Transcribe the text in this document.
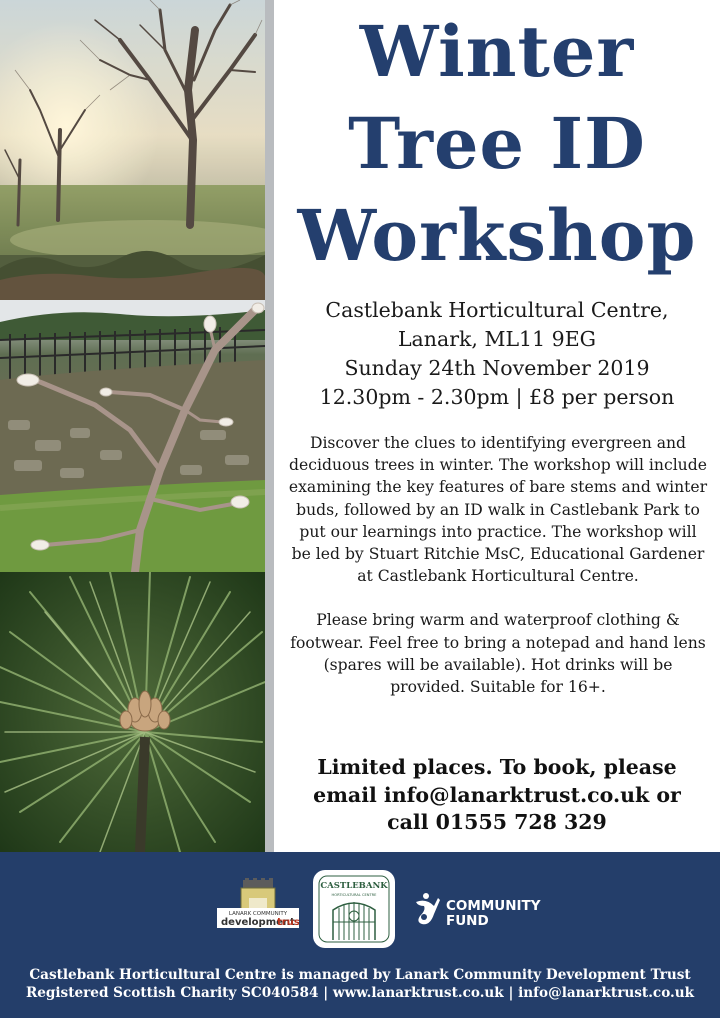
Winter
Tree ID
Workshop
Castlebank Horticultural Centre,
Lanark, ML11 9EG
Sunday 24th November 2019
12.30pm - 2.30pm | £8 per person

Discover the clues to identifying evergreen and deciduous trees in winter. The workshop will include examining the key features of bare stems and winter buds, followed by an ID walk in Castlebank Park to put our learnings into practice. The workshop will be led by Stuart Ritchie MsC, Educational Gardener at Castlebank Horticultural Centre.

Please bring warm and waterproof clothing & footwear. Feel free to bring a notepad and hand lens (spares will be available). Hot drinks will be provided. Suitable for 16+.

Limited places. To book, please
email info@lanarktrust.co.uk or
call 01555 728 329
LANARK COMMUNITY
development
trus
CASTLEBANK
HORTICULTURAL CENTRE
COMMUNITY
FUND
Castlebank Horticultural Centre is managed by Lanark Community Development Trust
Registered Scottish Charity SC040584 | www.lanarktrust.co.uk | info@lanarktrust.co.uk
